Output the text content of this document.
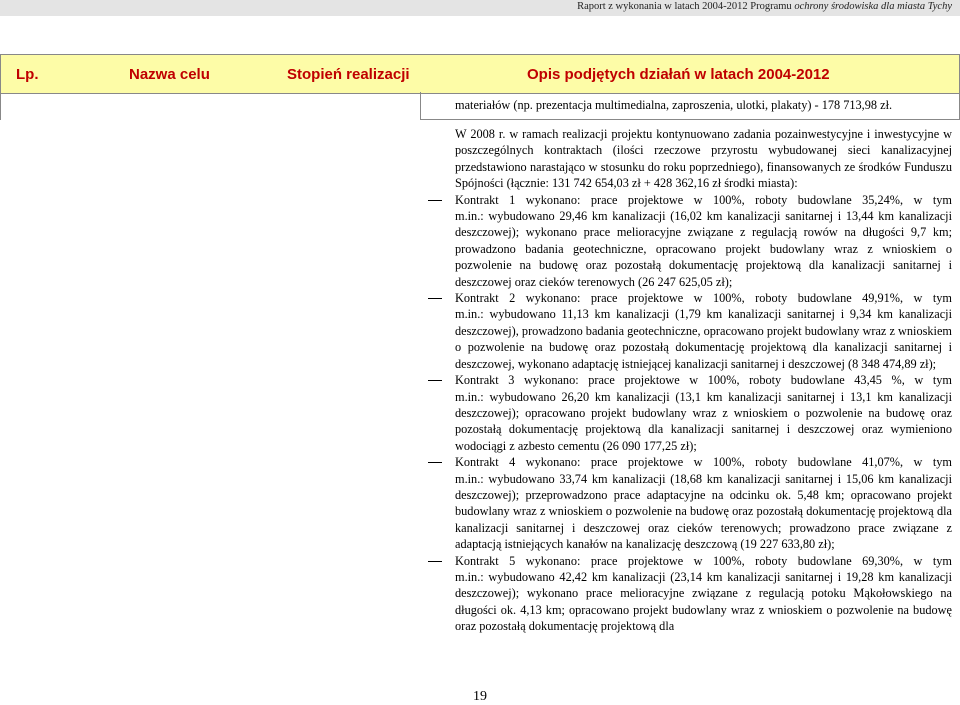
Raport z wykonania w latach 2004-2012 Programu ochrony środowiska dla miasta Tychy
Lp.	Nazwa celu	Stopień realizacji	Opis podjętych działań w latach 2004-2012
materiałów (np. prezentacja multimedialna, zaproszenia, ulotki, plakaty) - 178 713,98 zł.
W 2008 r. w ramach realizacji projektu kontynuowano zadania pozainwestycyjne i inwestycyjne w poszczególnych kontraktach (ilości rzeczowe przyrostu wybudowanej sieci kanalizacyjnej przedstawiono narastająco w stosunku do roku poprzedniego), finansowanych ze środków Funduszu Spójności (łącznie: 131 742 654,03 zł + 428 362,16 zł środki miasta):
Kontrakt 1 wykonano: prace projektowe w 100%, roboty budowlane 35,24%, w tym
m.in.: wybudowano 29,46 km kanalizacji (16,02 km kanalizacji sanitarnej i 13,44 km kanalizacji deszczowej); wykonano prace melioracyjne związane z regulacją rowów na długości 9,7 km; prowadzono badania geotechniczne, opracowano projekt budowlany wraz z wnioskiem o pozwolenie na budowę oraz pozostałą dokumentację projektową dla kanalizacji sanitarnej i deszczowej oraz cieków terenowych (26 247 625,05 zł);
Kontrakt 2 wykonano: prace projektowe w 100%, roboty budowlane 49,91%, w tym
m.in.: wybudowano 11,13 km kanalizacji (1,79 km kanalizacji sanitarnej i 9,34 km kanalizacji deszczowej), prowadzono badania geotechniczne, opracowano projekt budowlany wraz z wnioskiem o pozwolenie na budowę oraz pozostałą dokumentację projektową dla kanalizacji sanitarnej i deszczowej, wykonano adaptację istniejącej kanalizacji sanitarnej i deszczowej (8 348 474,89 zł);
Kontrakt 3 wykonano: prace projektowe w 100%, roboty budowlane 43,45 %, w tym
m.in.: wybudowano 26,20 km kanalizacji (13,1 km kanalizacji sanitarnej i 13,1 km kanalizacji deszczowej); opracowano projekt budowlany wraz z wnioskiem o pozwolenie na budowę oraz pozostałą dokumentację projektową dla kanalizacji sanitarnej i deszczowej oraz wymieniono wodociągi z azbesto cementu (26 090 177,25 zł);
Kontrakt 4 wykonano: prace projektowe w 100%, roboty budowlane 41,07%, w tym
m.in.: wybudowano 33,74 km kanalizacji (18,68 km kanalizacji sanitarnej i 15,06 km kanalizacji deszczowej); przeprowadzono prace adaptacyjne na odcinku ok. 5,48 km; opracowano projekt budowlany wraz z wnioskiem o pozwolenie na budowę oraz pozostałą dokumentację projektową dla kanalizacji sanitarnej i deszczowej oraz cieków terenowych; prowadzono prace związane z adaptacją istniejących kanałów na kanalizację deszczową (19 227 633,80 zł);
Kontrakt 5 wykonano: prace projektowe w 100%, roboty budowlane 69,30%, w tym
m.in.: wybudowano 42,42 km kanalizacji (23,14 km kanalizacji sanitarnej i 19,28 km kanalizacji deszczowej); wykonano prace melioracyjne związane z regulacją potoku Mąkołowskiego na długości ok. 4,13 km; opracowano projekt budowlany wraz z wnioskiem o pozwolenie na budowę oraz pozostałą dokumentację projektową dla
19
